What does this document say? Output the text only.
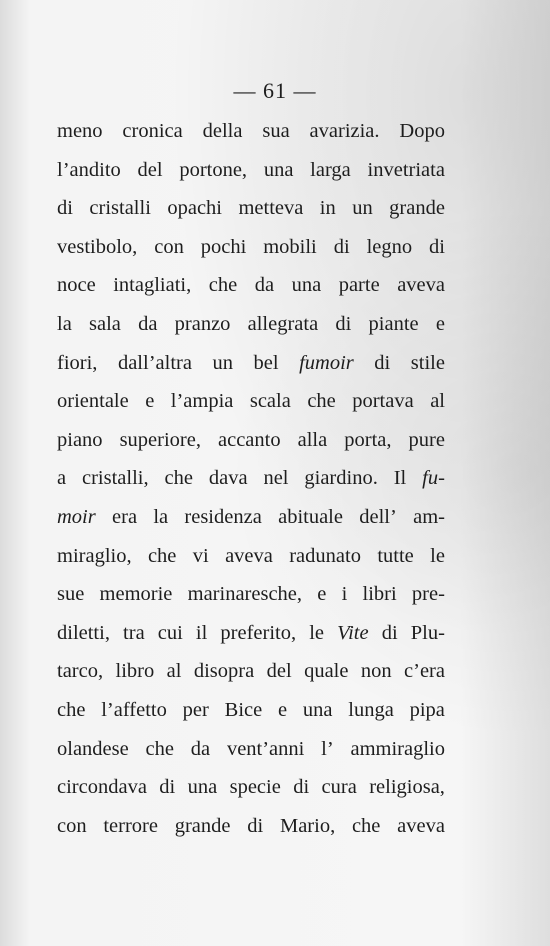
— 61 —
meno cronica della sua avarizia. Dopo
l’andito del portone, una larga invetriata
di cristalli opachi metteva in un grande
vestibolo, con pochi mobili di legno di
noce intagliati, che da una parte aveva
la sala da pranzo allegrata di piante e
fiori, dall’altra un bel fumoir di stile
orientale e l’ampia scala che portava al
piano superiore, accanto alla porta, pure
a cristalli, che dava nel giardino. Il fu-
moir era la residenza abituale dell’ am-
miraglio, che vi aveva radunato tutte le
sue memorie marinaresche, e i libri pre-
diletti, tra cui il preferito, le Vite di Plu-
tarco, libro al disopra del quale non c’era
che l’affetto per Bice e una lunga pipa
olandese che da vent’anni l’ ammiraglio
circondava di una specie di cura religiosa,
con terrore grande di Mario, che aveva
